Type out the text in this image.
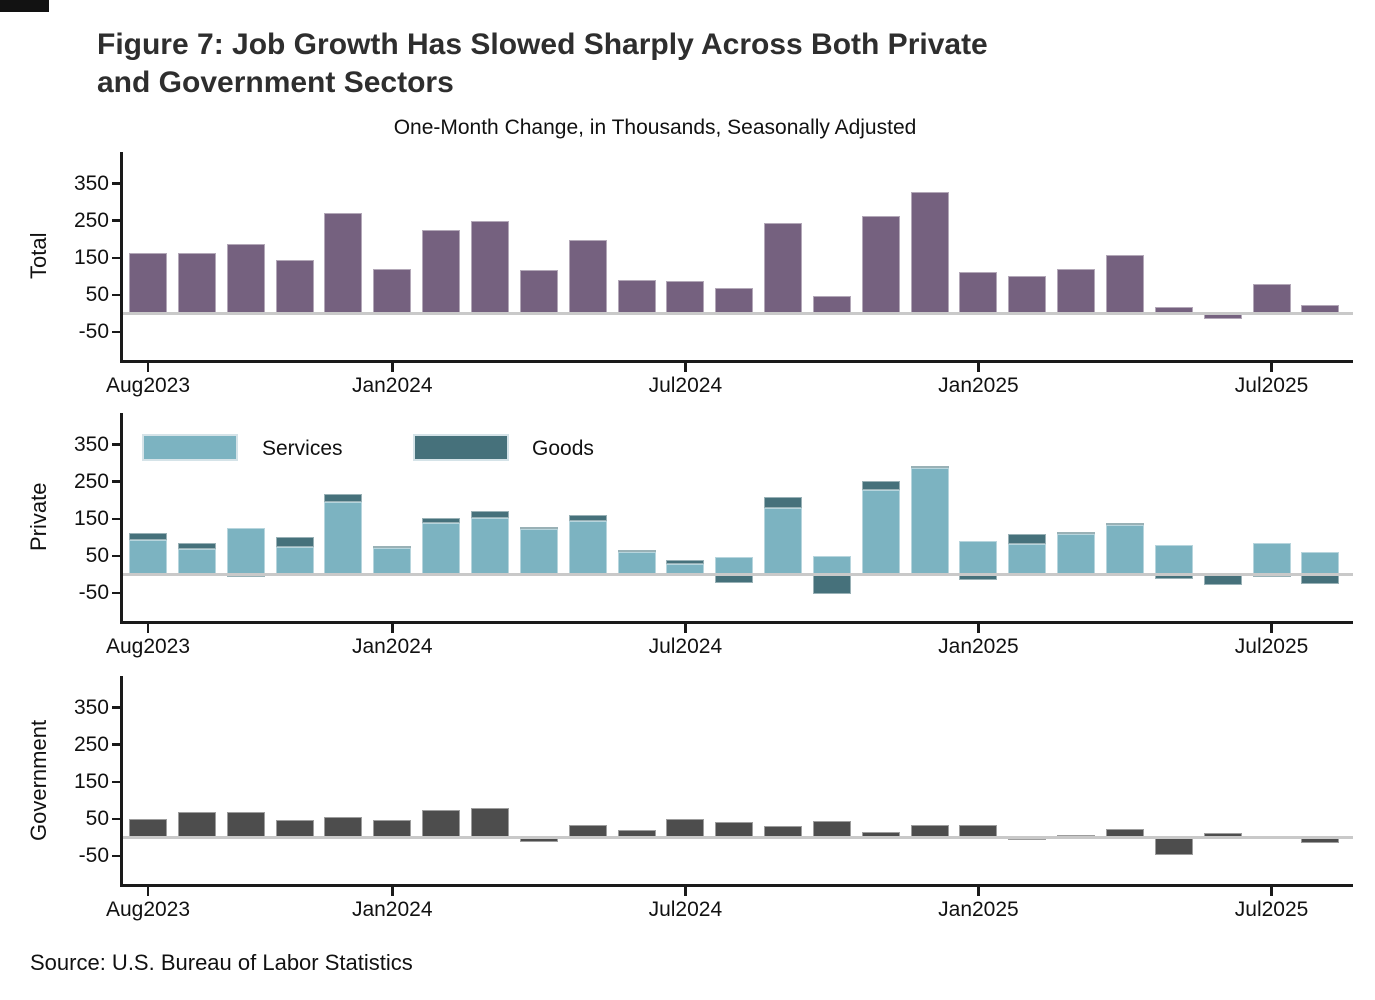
Figure 7: Job Growth Has Slowed Sharply Across Both Private
and Government Sectors
One-Month Change, in Thousands, Seasonally Adjusted
Total
350
250
150
50
-50
Aug2023	Jan2024	Jul2024	Jan2025	Jul2025
Private
350
250
150
50
-50
Aug2023	Jan2024	Jul2024	Jan2025	Jul2025
Services	Goods
Government
350
250
150
50
-50
Aug2023	Jan2024	Jul2024	Jan2025	Jul2025
Source: U.S. Bureau of Labor Statistics
